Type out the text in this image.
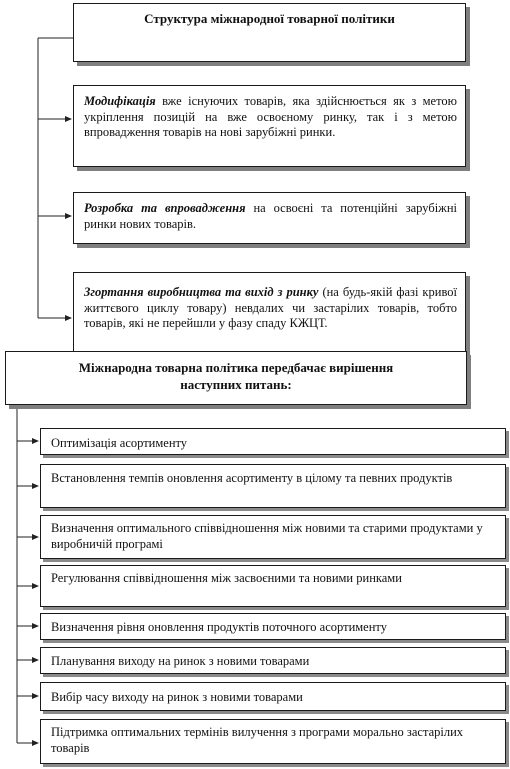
Структура міжнародної товарної політики
Модифікація вже існуючих товарів, яка здійснюється як з метою укріплення позицій на вже освоєному ринку, так і з метою впровадження товарів на нові зарубіжні ринки.
Розробка та впровадження на освоєні та потенційні зарубіжні ринки нових товарів.
Згортання виробництва та вихід з ринку (на будь-якій фазі кривої життєвого циклу товару) невдалих чи застарілих товарів, тобто товарів, які не перейшли у фазу спаду КЖЦТ.
Міжнародна товарна політика передбачає вирішення
наступних питань:
Оптимізація асортименту
Встановлення темпів оновлення асортименту в цілому та певних продуктів
Визначення оптимального співвідношення між новими та старими продуктами у виробничій програмі
Регулювання співвідношення між засвоєними та новими ринками
Визначення рівня оновлення продуктів поточного асортименту
Планування виходу на ринок з новими товарами
Вибір часу виходу на ринок з новими товарами
Підтримка оптимальних термінів вилучення з програми морально застарілих товарів
